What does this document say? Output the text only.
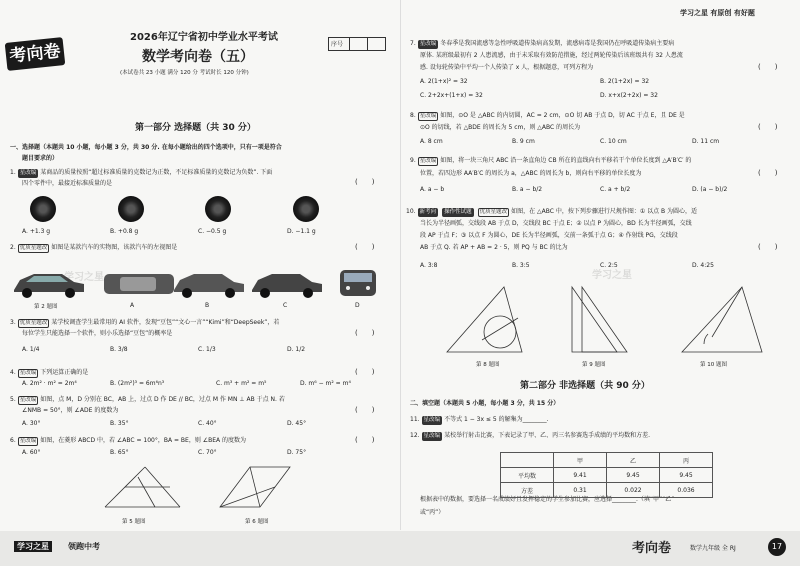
考向卷
2026年辽宁省初中学业水平考试
数学考向卷（五）
(本试卷共 23 小题 满分 120 分 考试时长 120 分钟)
序号
第一部分 选择题（共 30 分）
一、选择题（本题共 10 小题，每小题 3 分，共 30 分. 在每小题给出的四个选项中，只有一项是符合
题目要求的）
1. 星改编 某商品的质量按照“超过标准质量的克数记为正数，不足标准质量的克数记为负数”. 下面
四个零件中，最接近标准质量的是	(　　)
A. +1.3 g	B. +0.8 g	C. −0.5 g	D. −1.1 g
2. 优质星题改 如图是某款汽车的实物图，该款汽车的左视图是	(　　)
第 2 题图	A	B	C	D
3. 优质星题改 某学校调查学生最常用的 AI 软件，发现“豆包”“文心一言”“Kimi”和“DeepSeek”，若
每位学生只能选择一个软件，则小乐选择“豆包”的概率是	(　　)
A. 1/4	B. 3/8	C. 1/3	D. 1/2
4. 星改编 下列运算正确的是	(　　)
A. 2m² · m² = 2m⁴	B. (2m²)³ = 6m⁶n³	C. m³ + m² = m⁵	D. m⁶ − m² = m⁴
5. 星改编 如图，点 M，D 分别在 BC，AB 上，过点 D 作 DE // BC，过点 M 作 MN ⊥ AB 于点 N. 若
∠NMB = 50°，则 ∠ADE 的度数为	(　　)
A. 30°	B. 35°	C. 40°	D. 45°
6. 星改编 如图，在菱形 ABCD 中，若 ∠ABC = 100°，BA = BE，则 ∠BEA 的度数为	(　　)
A. 60°	B. 65°	C. 70°	D. 75°
第 5 题图	第 6 题图
学习之星
学习之星 有原创 有好题
7. 星改编 冬春季是我国流感等急性呼吸道传染病高发期，流感病毒是我国仍在呼吸道传染病主要病
原体. 某班级最初有 2 人患流感，由于未采取有效防范措施，经过两轮传染后该班级共有 32 人患流
感. 设每轮传染中平均一个人传染了 x 人，根据题意，可列方程为	(　　)
A. 2(1+x)² = 32	B. 2(1+2x) = 32
C. 2+2x+(1+x) = 32	D. x+x(2+2x) = 32
8. 星改编 如图，⊙O 是 △ABC 的内切圆，AC = 2 cm，⊙O 切 AB 于点 D，切 AC 于点 E，且 DE 是
⊙O 的切线，若 △BDE 的周长为 5 cm，则 △ABC 的周长为	(　　)
A. 8 cm	B. 9 cm	C. 10 cm	D. 11 cm
9. 星改编 如图，将一块三角尺 ABC 沿一条直角边 CB 所在的直线向右平移若干个单位长度到 △A′B′C′ 的
位置，若四边形 AA′B′C 的周长为 a，△ABC 的周长为 b，则向右平移的单位长度为	(　　)
A. a − b	B. a − b/2	C. a + b/2	D. (a − b)/2
10. 新考向 操作性试题 优质星题改 如图，在 △ABC 中，按下列步骤进行尺规作图：① 以点 B 为圆心，适
当长为半径画弧，交线段 AB 于点 D，交线段 BC 于点 E；② 以点 P 为圆心，BD 长为半径画弧，交线
段 AP 于点 F；③ 以点 F 为圆心，DE 长为半径画弧，交前一条弧于点 G；④ 作射线 PG，交线段
AB 于点 Q. 若 AP + AB = 2 · 5，则 PQ 与 BC 的比为	(　　)
A. 3:8	B. 3:5	C. 2:5	D. 4:25
学习之星
第 8 题图	第 9 题图	第 10 题图
第二部分 非选择题（共 90 分）
二、填空题（本题共 5 小题，每小题 3 分，共 15 分）
11. 星改编 不等式 1 − 3x ≤ 5 的解集为________.
12. 星改编 某校举行射击比赛，下表记录了甲、乙、丙三名参赛选手成绩的平均数和方差.
根据表中的数据，要选择一名成绩好且发挥稳定的学生参加比赛，应选择________.（填“甲”“乙”
或“丙”）
	甲	乙	丙
平均数	9.41	9.45	9.45
方差	0.31	0.022	0.036
学习之星	领跑中考	考向卷	数学九年级 全 RJ	17
